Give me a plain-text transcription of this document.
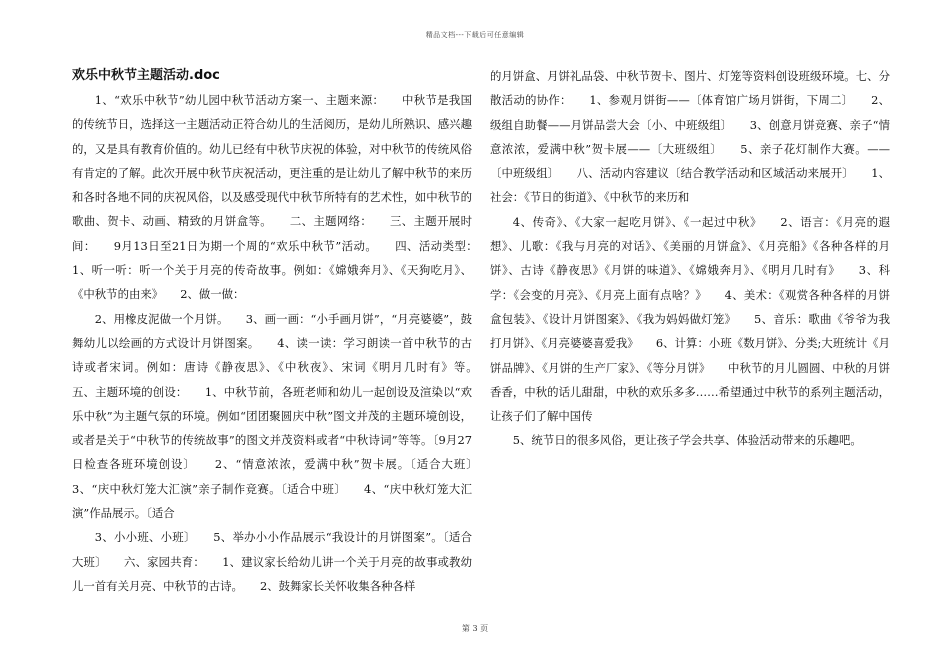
精品文档---下载后可任意编辑

欢乐中秋节主题活动.doc

1、“欢乐中秋节”幼儿园中秋节活动方案一、主题来源：　　中秋节是我国的传统节日，选择这一主题活动正符合幼儿的生活阅历，是幼儿所熟识、感兴趣的，又是具有教育价值的。幼儿已经有中秋节庆祝的体验，对中秋节的传统风俗有肯定的了解。此次开展中秋节庆祝活动，更注重的是让幼儿了解中秋节的来历和各时各地不同的庆祝风俗，以及感受现代中秋节所特有的艺术性，如中秋节的歌曲、贺卡、动画、精致的月饼盒等。　　二、主题网络：　　三、主题开展时间：　　9月13日至21日为期一个周的“欢乐中秋节”活动。　　四、活动类型：　　1、听一听：听一个关于月亮的传奇故事。例如：《嫦娥奔月》、《天狗吃月》、《中秋节的由来》　　2、做一做：

2、用橡皮泥做一个月饼。　　3、画一画：“小手画月饼”，“月亮婆婆”，鼓舞幼儿以绘画的方式设计月饼图案。　　4、读一读：学习朗读一首中秋节的古诗或者宋词。例如：唐诗《静夜思》、《中秋夜》、宋词《明月几时有》等。　　五、主题环境的创设：　　1、中秋节前，各班老师和幼儿一起创设及渲染以“欢乐中秋”为主题气氛的环境。例如“团团聚圆庆中秋”图文并茂的主题环境创设，或者是关于“中秋节的传统故事”的图文并茂资料或者“中秋诗词”等等。〔9月27日检查各班环境创设〕　　2、“情意浓浓，爱满中秋”贺卡展。〔适合大班〕　　3、“庆中秋灯笼大汇演”亲子制作竞赛。〔适合中班〕　　4、“庆中秋灯笼大汇演”作品展示。〔适合

3、小小班、小班〕　　5、举办小小作品展示“我设计的月饼图案”。〔适合大班〕　　六、家园共育：　　1、建议家长给幼儿讲一个关于月亮的故事或教幼儿一首有关月亮、中秋节的古诗。　　2、鼓舞家长关怀收集各种各样

的月饼盒、月饼礼品袋、中秋节贺卡、图片、灯笼等资料创设班级环境。七、分散活动的协作：　　1、参观月饼街——〔体育馆广场月饼街，下周二〕　　2、级组自助餐——月饼品尝大会〔小、中班级组〕　　3、创意月饼竞赛、亲子“情意浓浓，爱满中秋”贺卡展——〔大班级组〕　　5、亲子花灯制作大赛。——〔中班级组〕　　八、活动内容建议〔结合教学活动和区域活动来展开〕　　1、社会：《节日的街道》、《中秋节的来历和

4、传奇》、《大家一起吃月饼》、《一起过中秋》　　2、语言：《月亮的遐想》、儿歌：《我与月亮的对话》、《美丽的月饼盒》、《月亮船》《各种各样的月饼》、古诗《静夜思》《月饼的味道》、《嫦娥奔月》、《明月几时有》　　3、科学：《会变的月亮》、《月亮上面有点啥？》　　4、美术：《观赏各种各样的月饼盒包装》、《设计月饼图案》、《我为妈妈做灯笼》　　5、音乐：歌曲《爷爷为我打月饼》、《月亮婆婆喜爱我》　　6、计算：小班《数月饼》、分类;大班统计《月饼品牌》、《月饼的生产厂家》、《等分月饼》　　中秋节的月儿圆圆、中秋的月饼香香，中秋的话儿甜甜，中秋的欢乐多多……希望通过中秋节的系列主题活动，让孩子们了解中国传

5、统节日的很多风俗，更让孩子学会共享、体验活动带来的乐趣吧。

第 3 页
